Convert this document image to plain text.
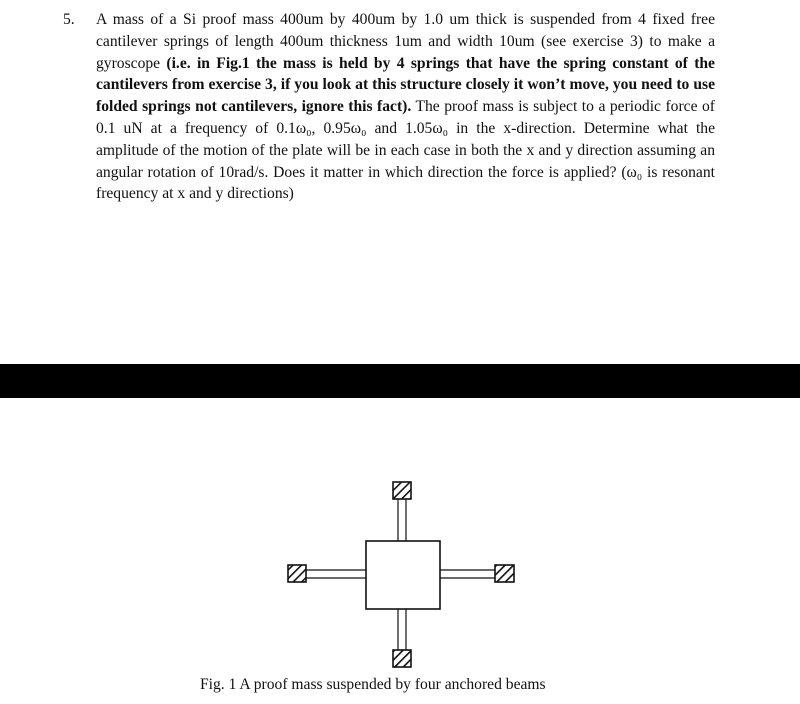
5. A mass of a Si proof mass 400um by 400um by 1.0 um thick is suspended from 4 fixed free cantilever springs of length 400um thickness 1um and width 10um (see exercise 3) to make a gyroscope (i.e. in Fig.1 the mass is held by 4 springs that have the spring constant of the cantilevers from exercise 3, if you look at this structure closely it won’t move, you need to use folded springs not cantilevers, ignore this fact). The proof mass is subject to a periodic force of 0.1 uN at a frequency of 0.1ω₀, 0.95ω₀ and 1.05ω₀ in the x-direction. Determine what the amplitude of the motion of the plate will be in each case in both the x and y direction assuming an angular rotation of 10rad/s. Does it matter in which direction the force is applied? (ω₀ is resonant frequency at x and y directions)
Fig. 1 A proof mass suspended by four anchored beams
